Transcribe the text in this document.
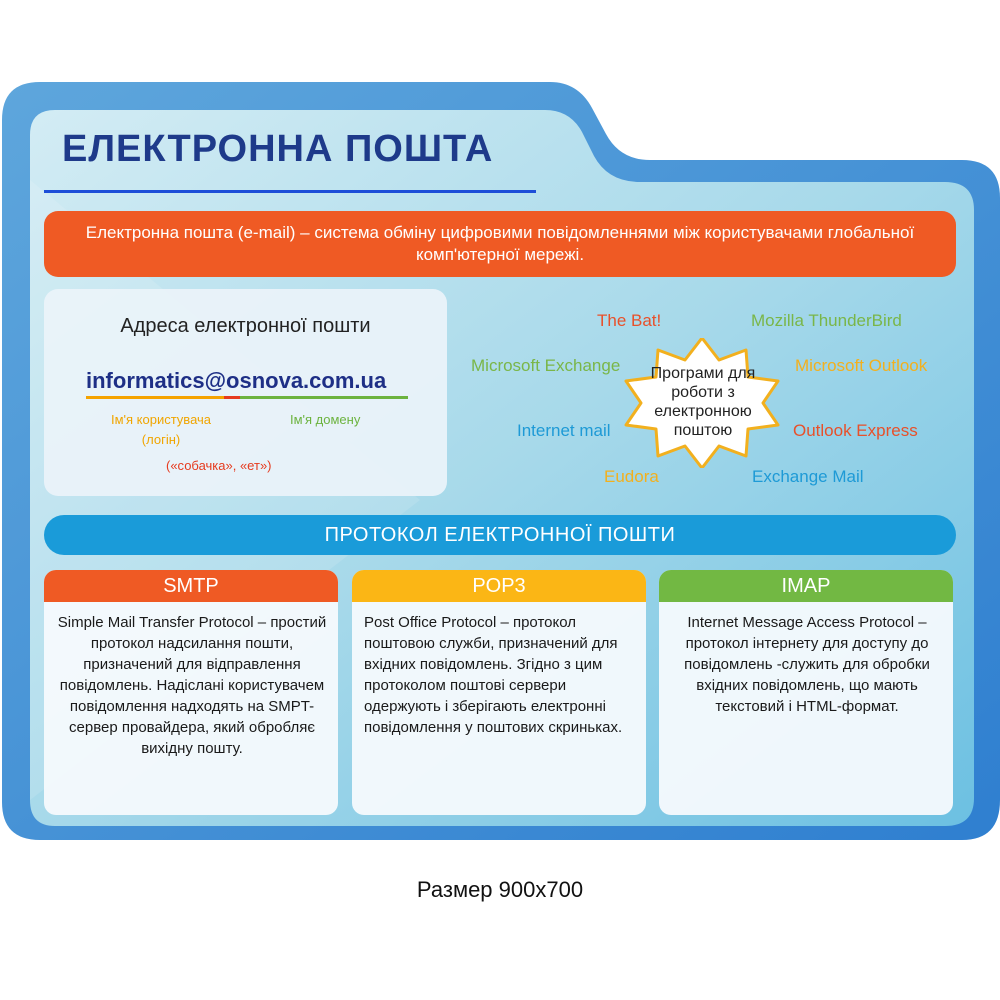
ЕЛЕКТРОННА ПОШТА
Електронна пошта (e-mail) – система обміну цифровими повідомленнями між користувачами глобальної комп'ютерної мережі.
Адреса електронної пошти
informatics@osnova.com.ua
Ім'я користувача (логін)
Ім'я домену
(«собачка», «ет»)
Програми для роботи з електронною поштою
The Bat!	Mozilla ThunderBird
Microsoft Exchange	Microsoft Outlook
Internet mail	Outlook Express
Eudora	Exchange Mail
ПРОТОКОЛ ЕЛЕКТРОННОЇ ПОШТИ
SMTP
Simple Mail Transfer Protocol – простий протокол надсилання пошти, призначений для відправлення повідомлень. Надіслані користувачем повідомлення надходять на SMPT-сервер провайдера, який обробляє вихідну пошту.
POP3
Post Office Protocol – протокол поштовою служби, призначений для вхідних повідомлень. Згідно з цим протоколом поштові сервери одержують і зберігають електронні повідомлення у поштових скриньках.
IMAP
Internet Message Access Protocol – протокол інтернету для доступу до повідомлень -служить для обробки вхідних повідомлень, що мають текстовий і HTML-формат.
Размер 900х700
